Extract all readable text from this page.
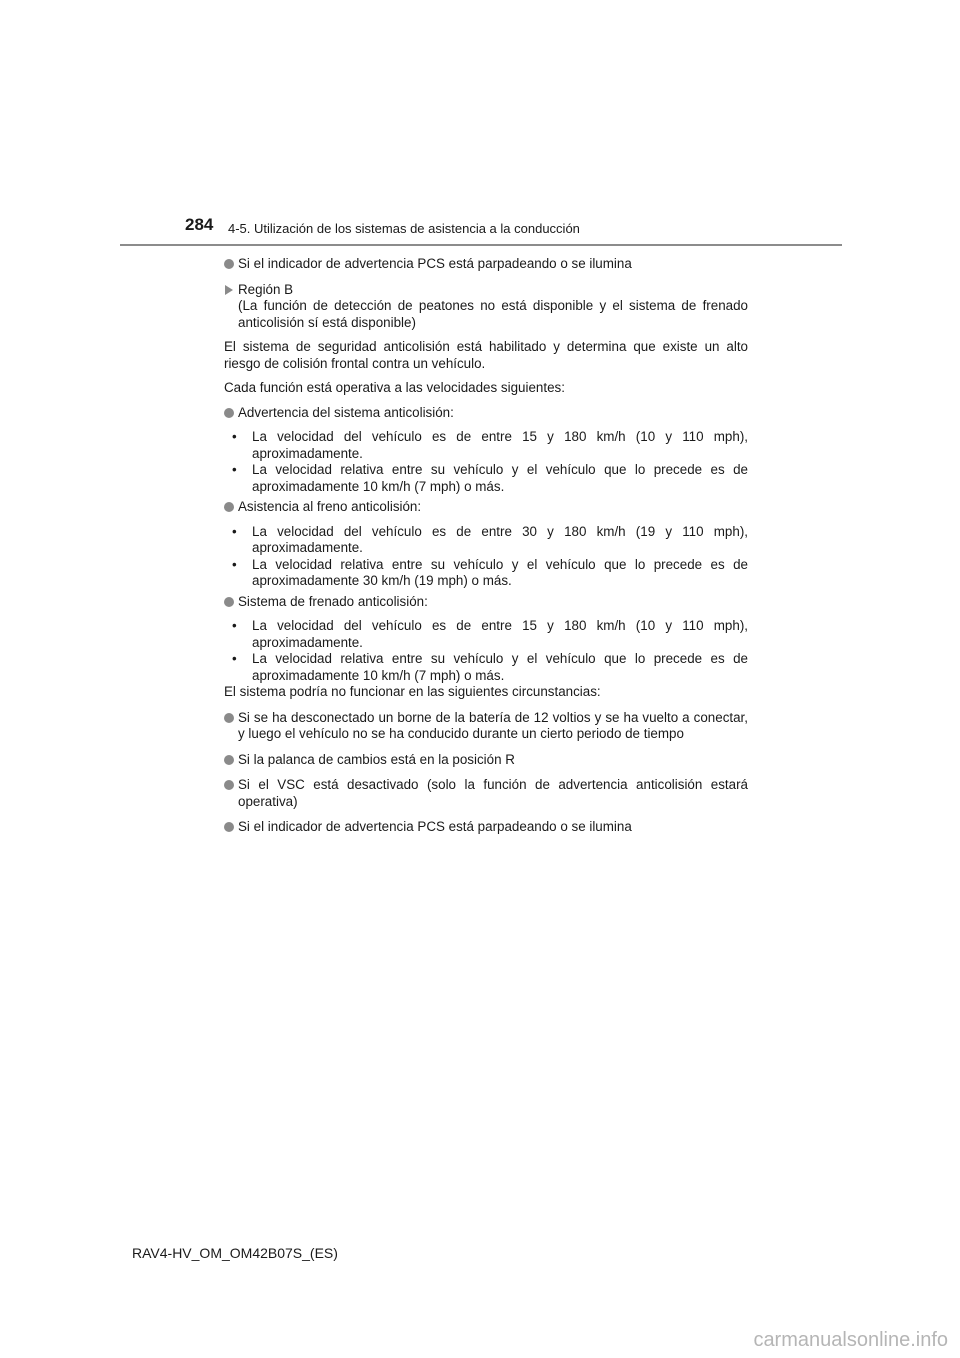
284 4-5. Utilización de los sistemas de asistencia a la conducción

Si el indicador de advertencia PCS está parpadeando o se ilumina

Región B

(La función de detección de peatones no está disponible y el sistema de frenado anticolisión sí está disponible)

El sistema de seguridad anticolisión está habilitado y determina que existe un alto riesgo de colisión frontal contra un vehículo.

Cada función está operativa a las velocidades siguientes:

Advertencia del sistema anticolisión:

• La velocidad del vehículo es de entre 15 y 180 km/h (10 y 110 mph), aproximadamente.

• La velocidad relativa entre su vehículo y el vehículo que lo precede es de aproximadamente 10 km/h (7 mph) o más.

Asistencia al freno anticolisión:

• La velocidad del vehículo es de entre 30 y 180 km/h (19 y 110 mph), aproximadamente.

• La velocidad relativa entre su vehículo y el vehículo que lo precede es de aproximadamente 30 km/h (19 mph) o más.

Sistema de frenado anticolisión:

• La velocidad del vehículo es de entre 15 y 180 km/h (10 y 110 mph), aproximadamente.

• La velocidad relativa entre su vehículo y el vehículo que lo precede es de aproximadamente 10 km/h (7 mph) o más.

El sistema podría no funcionar en las siguientes circunstancias:

Si se ha desconectado un borne de la batería de 12 voltios y se ha vuelto a conectar, y luego el vehículo no se ha conducido durante un cierto periodo de tiempo

Si la palanca de cambios está en la posición R

Si el VSC está desactivado (solo la función de advertencia anticolisión estará operativa)

Si el indicador de advertencia PCS está parpadeando o se ilumina

RAV4-HV_OM_OM42B07S_(ES)
carmanualsonline.info
